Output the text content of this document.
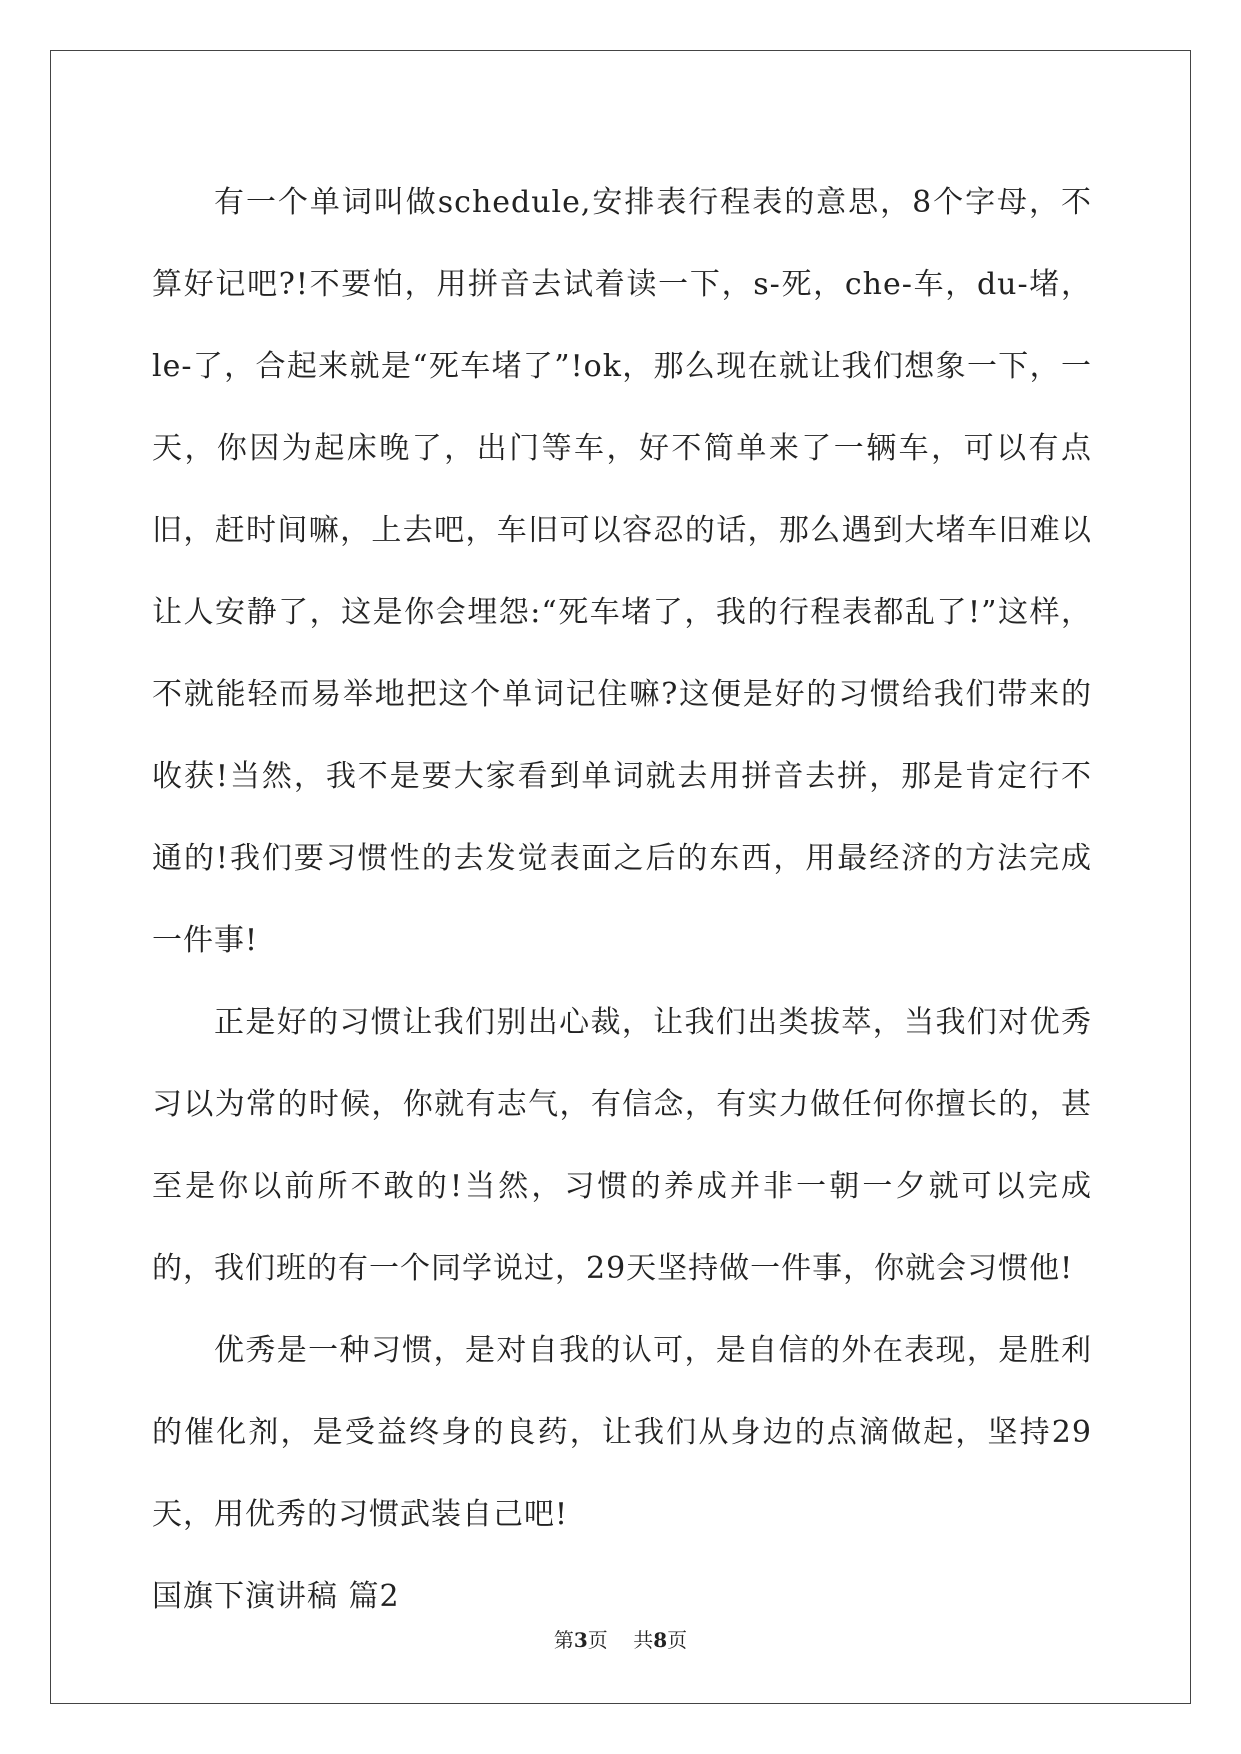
有一个单词叫做schedule,安排表行程表的意思，8个字母，不算好记吧?!不要怕，用拼音去试着读一下，s-死，che-车，du-堵，le-了，合起来就是“死车堵了”!ok，那么现在就让我们想象一下，一天，你因为起床晚了，出门等车，好不简单来了一辆车，可以有点旧，赶时间嘛，上去吧，车旧可以容忍的话，那么遇到大堵车旧难以让人安静了，这是你会埋怨:“死车堵了，我的行程表都乱了!”这样，不就能轻而易举地把这个单词记住嘛?这便是好的习惯给我们带来的收获!当然，我不是要大家看到单词就去用拼音去拼，那是肯定行不通的!我们要习惯性的去发觉表面之后的东西，用最经济的方法完成一件事!

正是好的习惯让我们别出心裁，让我们出类拔萃，当我们对优秀习以为常的时候，你就有志气，有信念，有实力做任何你擅长的，甚至是你以前所不敢的!当然，习惯的养成并非一朝一夕就可以完成的，我们班的有一个同学说过，29天坚持做一件事，你就会习惯他!

优秀是一种习惯，是对自我的认可，是自信的外在表现，是胜利的催化剂，是受益终身的良药，让我们从身边的点滴做起，坚持29天，用优秀的习惯武装自己吧!

国旗下演讲稿 篇2

第3页 共8页
